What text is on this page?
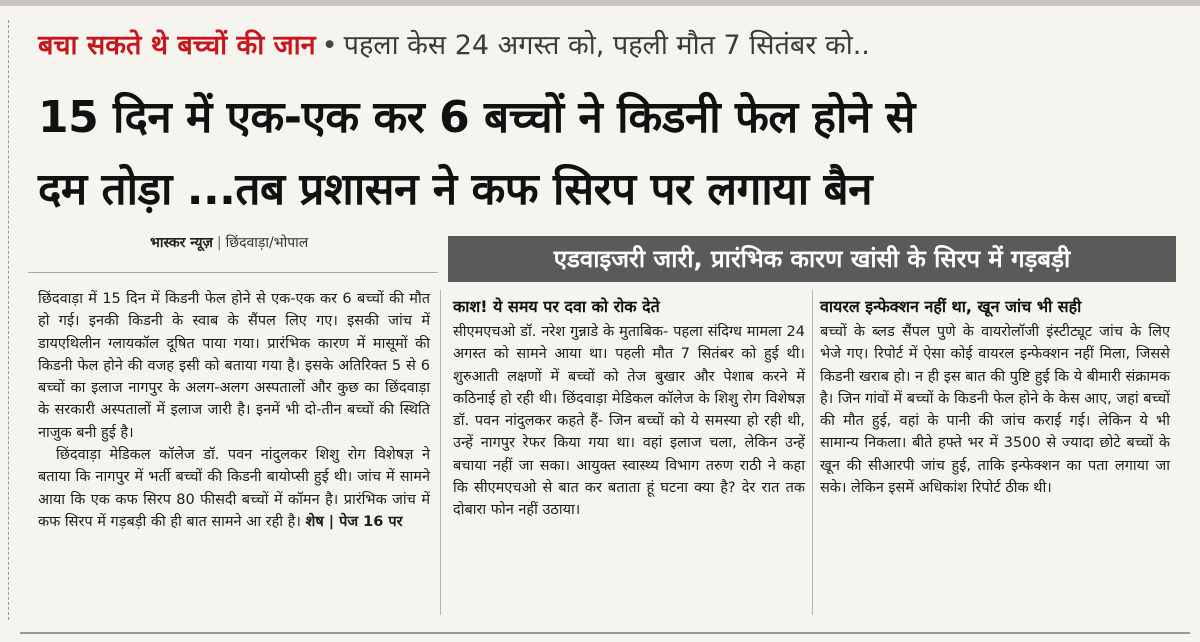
बचा सकते थे बच्चों की जान • पहला केस 24 अगस्त को, पहली मौत 7 सितंबर को..
15 दिन में एक-एक कर 6 बच्चों ने किडनी फेल होने से
दम तोड़ा ...तब प्रशासन ने कफ सिरप पर लगाया बैन
भास्कर न्यूज़ | छिंदवाड़ा/भोपाल
एडवाइजरी जारी, प्रारंभिक कारण खांसी के सिरप में गड़बड़ी

छिंदवाड़ा में 15 दिन में किडनी फेल होने से एक-एक कर 6 बच्चों की मौत हो गई। इनकी किडनी के स्वाब के सैंपल लिए गए। इसकी जांच में डायएथिलीन ग्लायकॉल दूषित पाया गया। प्रारंभिक कारण में मासूमों की किडनी फेल होने की वजह इसी को बताया गया है। इसके अतिरिक्त 5 से 6 बच्चों का इलाज नागपुर के अलग-अलग अस्पतालों और कुछ का छिंदवाड़ा के सरकारी अस्पतालों में इलाज जारी है। इनमें भी दो-तीन बच्चों की स्थिति नाजुक बनी हुई है।

छिंदवाड़ा मेडिकल कॉलेज डॉ. पवन नांदुलकर शिशु रोग विशेषज्ञ ने बताया कि नागपुर में भर्ती बच्चों की किडनी बायोप्सी हुई थी। जांच में सामने आया कि एक कफ सिरप 80 फीसदी बच्चों में कॉमन है। प्रारंभिक जांच में कफ सिरप में गड़बड़ी की ही बात सामने आ रही है। शेष | पेज 16 पर

काश! ये समय पर दवा को रोक देते

सीएमएचओ डॉ. नरेश गुन्नाडे के मुताबिक- पहला संदिग्ध मामला 24 अगस्त को सामने आया था। पहली मौत 7 सितंबर को हुई थी। शुरुआती लक्षणों में बच्चों को तेज बुखार और पेशाब करने में कठिनाई हो रही थी। छिंदवाड़ा मेडिकल कॉलेज के शिशु रोग विशेषज्ञ डॉ. पवन नांदुलकर कहते हैं- जिन बच्चों को ये समस्या हो रही थी, उन्हें नागपुर रेफर किया गया था। वहां इलाज चला, लेकिन उन्हें बचाया नहीं जा सका। आयुक्त स्वास्थ्य विभाग तरुण राठी ने कहा कि सीएमएचओ से बात कर बताता हूं घटना क्या है? देर रात तक दोबारा फोन नहीं उठाया।

वायरल इन्फेक्शन नहीं था, खून जांच भी सही

बच्चों के ब्लड सैंपल पुणे के वायरोलॉजी इंस्टीट्यूट जांच के लिए भेजे गए। रिपोर्ट में ऐसा कोई वायरल इन्फेक्शन नहीं मिला, जिससे किडनी खराब हो। न ही इस बात की पुष्टि हुई कि ये बीमारी संक्रामक है। जिन गांवों में बच्चों के किडनी फेल होने के केस आए, जहां बच्चों की मौत हुई, वहां के पानी की जांच कराई गई। लेकिन ये भी सामान्य निकला। बीते हफ्ते भर में 3500 से ज्यादा छोटे बच्चों के खून की सीआरपी जांच हुई, ताकि इन्फेक्शन का पता लगाया जा सके। लेकिन इसमें अधिकांश रिपोर्ट ठीक थी।
